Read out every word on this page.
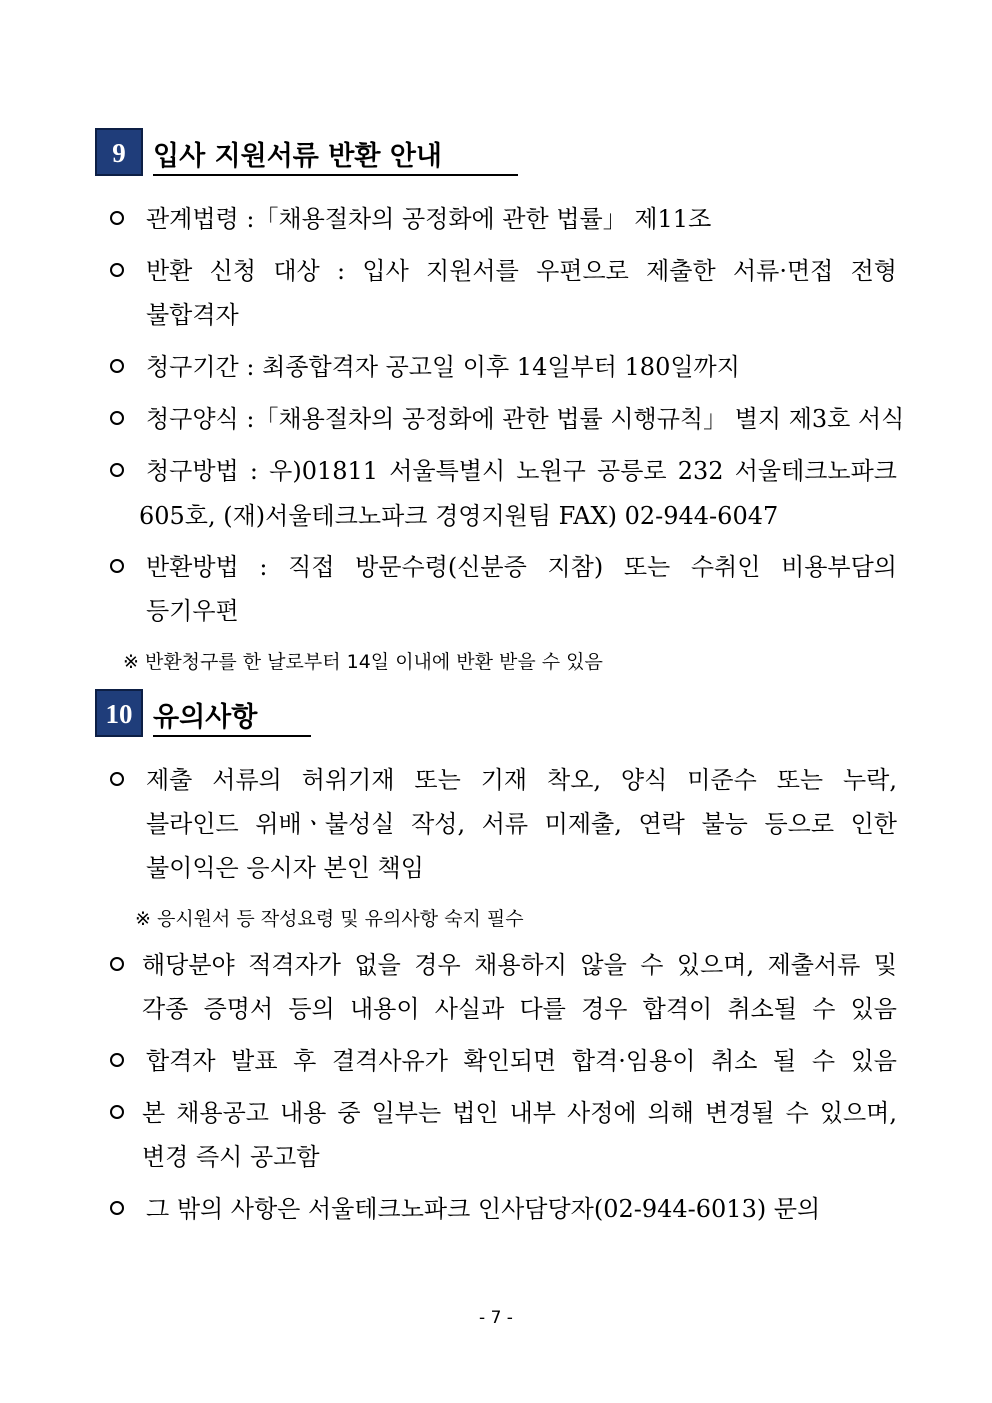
9	입사 지원서류 반환 안내
관계법령 :「채용절차의 공정화에 관한 법률」 제11조
반환 신청 대상 : 입사 지원서를 우편으로 제출한 서류·면접 전형
불합격자
청구기간 : 최종합격자 공고일 이후 14일부터 180일까지
청구양식 :「채용절차의 공정화에 관한 법률 시행규칙」 별지 제3호 서식
청구방법 : 우)01811 서울특별시 노원구 공릉로 232 서울테크노파크
605호, (재)서울테크노파크 경영지원팀 FAX) 02-944-6047
반환방법 : 직접 방문수령(신분증 지참) 또는 수취인 비용부담의
등기우편
※ 반환청구를 한 날로부터 14일 이내에 반환 받을 수 있음
10 유의사항
제출 서류의 허위기재 또는 기재 착오, 양식 미준수 또는 누락,
블라인드 위배ㆍ불성실 작성, 서류 미제출, 연락 불능 등으로 인한
불이익은 응시자 본인 책임
※ 응시원서 등 작성요령 및 유의사항 숙지 필수
해당분야 적격자가 없을 경우 채용하지 않을 수 있으며, 제출서류 및
각종 증명서 등의 내용이 사실과 다를 경우 합격이 취소될 수 있음
합격자 발표 후 결격사유가 확인되면 합격·임용이 취소 될 수 있음
본 채용공고 내용 중 일부는 법인 내부 사정에 의해 변경될 수 있으며,
변경 즉시 공고함
그 밖의 사항은 서울테크노파크 인사담당자(02-944-6013) 문의
- 7 -
